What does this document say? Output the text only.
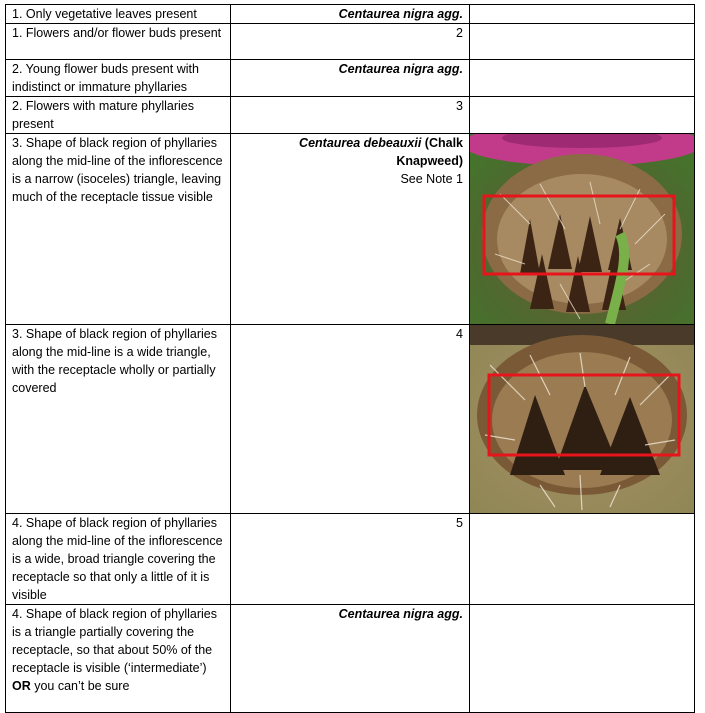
1. Only vegetative leaves present	Centaurea nigra agg.	
1. Flowers and/or flower buds present	2	
2. Young flower buds present with indistinct or immature phyllaries	Centaurea nigra agg.	
2. Flowers with mature phyllaries present	3	
3. Shape of black region of phyllaries along the mid-line of the inflorescence is a narrow (isoceles) triangle, leaving much of the receptacle tissue visible	Centaurea debeauxii (Chalk Knapweed)
See Note 1	

3. Shape of black region of phyllaries along the mid-line is a wide triangle, with the receptacle wholly or partially covered	4	

4. Shape of black region of phyllaries along the mid-line of the inflorescence is a wide, broad triangle covering the receptacle so that only a little of it is visible	5	
4. Shape of black region of phyllaries is a triangle partially covering the receptacle, so that about 50% of the receptacle is visible (‘intermediate’) OR you can’t be sure	Centaurea nigra agg.	
